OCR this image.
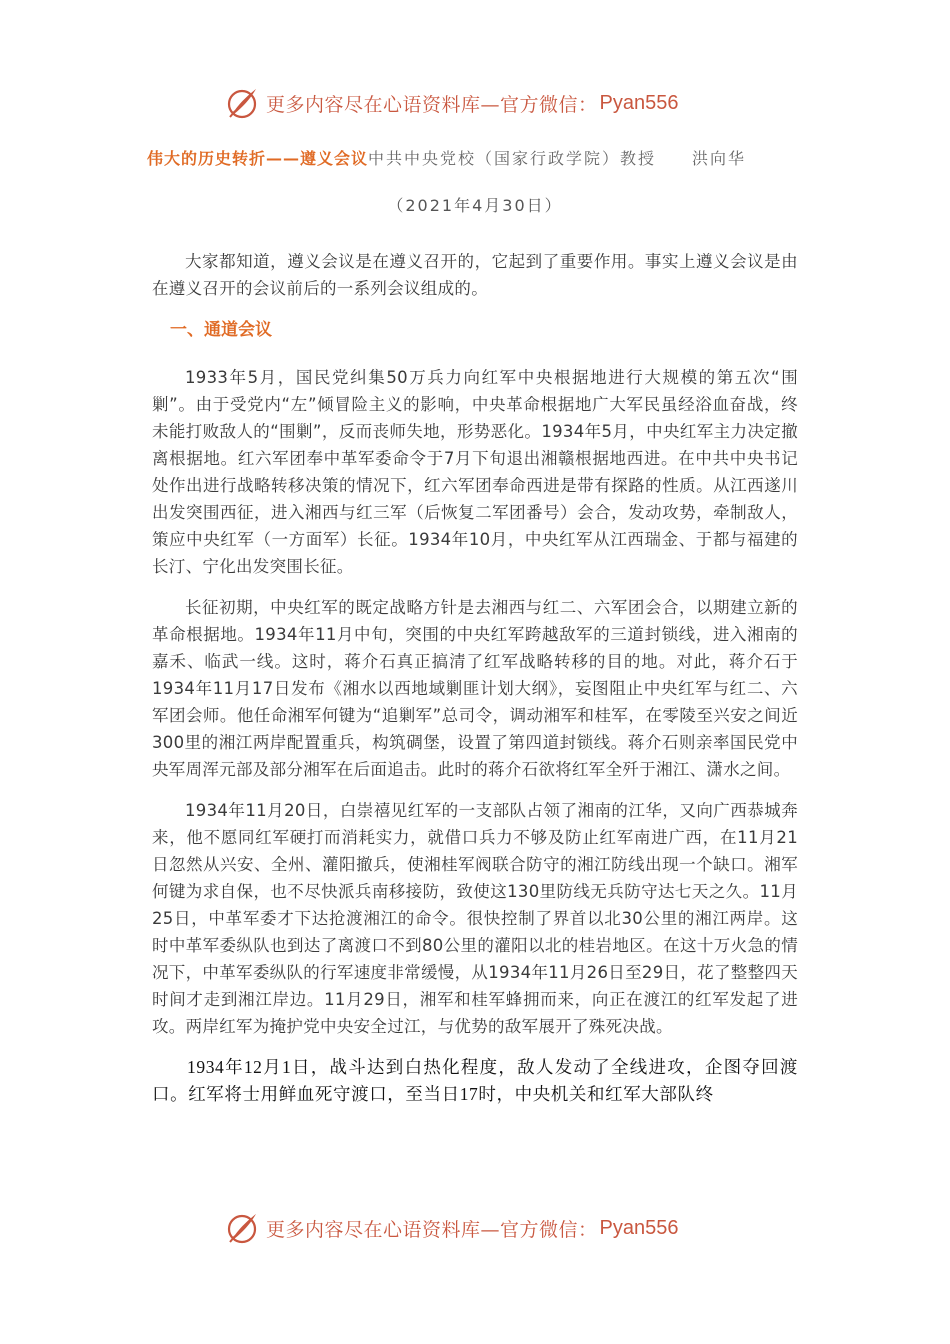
更多内容尽在心语资料库—官方微信： Pyan556
伟大的历史转折——遵义会议中共中央党校（国家行政学院）教授　　洪向华
（2021年4月30日）

大家都知道，遵义会议是在遵义召开的，它起到了重要作用。事实上遵义会议是由在遵义召开的会议前后的一系列会议组成的。

一、通道会议

1933年5月，国民党纠集50万兵力向红军中央根据地进行大规模的第五次“围剿”。由于受党内“左”倾冒险主义的影响，中央革命根据地广大军民虽经浴血奋战，终未能打败敌人的“围剿”，反而丧师失地，形势恶化。1934年5月，中央红军主力决定撤离根据地。红六军团奉中革军委命令于7月下旬退出湘赣根据地西进。在中共中央书记处作出进行战略转移决策的情况下，红六军团奉命西进是带有探路的性质。从江西遂川出发突围西征，进入湘西与红三军（后恢复二军团番号）会合，发动攻势，牵制敌人，策应中央红军（一方面军）长征。1934年10月，中央红军从江西瑞金、于都与福建的长汀、宁化出发突围长征。

长征初期，中央红军的既定战略方针是去湘西与红二、六军团会合，以期建立新的革命根据地。1934年11月中旬，突围的中央红军跨越敌军的三道封锁线，进入湘南的嘉禾、临武一线。这时，蒋介石真正搞清了红军战略转移的目的地。对此，蒋介石于1934年11月17日发布《湘水以西地域剿匪计划大纲》，妄图阻止中央红军与红二、六军团会师。他任命湘军何键为“追剿军”总司令，调动湘军和桂军，在零陵至兴安之间近300里的湘江两岸配置重兵，构筑碉堡，设置了第四道封锁线。蒋介石则亲率国民党中央军周浑元部及部分湘军在后面追击。此时的蒋介石欲将红军全歼于湘江、潇水之间。

1934年11月20日，白崇禧见红军的一支部队占领了湘南的江华，又向广西恭城奔来，他不愿同红军硬打而消耗实力，就借口兵力不够及防止红军南进广西，在11月21日忽然从兴安、全州、灌阳撤兵，使湘桂军阀联合防守的湘江防线出现一个缺口。湘军何键为求自保，也不尽快派兵南移接防，致使这130里防线无兵防守达七天之久。11月25日，中革军委才下达抢渡湘江的命令。很快控制了界首以北30公里的湘江两岸。这时中革军委纵队也到达了离渡口不到80公里的灌阳以北的桂岩地区。在这十万火急的情况下，中革军委纵队的行军速度非常缓慢，从1934年11月26日至29日，花了整整四天时间才走到湘江岸边。11月29日，湘军和桂军蜂拥而来，向正在渡江的红军发起了进攻。两岸红军为掩护党中央安全过江，与优势的敌军展开了殊死决战。

1934年12月1日，战斗达到白热化程度，敌人发动了全线进攻，企图夺回渡口。红军将士用鲜血死守渡口，至当日17时，中央机关和红军大部队终

更多内容尽在心语资料库—官方微信： Pyan556
